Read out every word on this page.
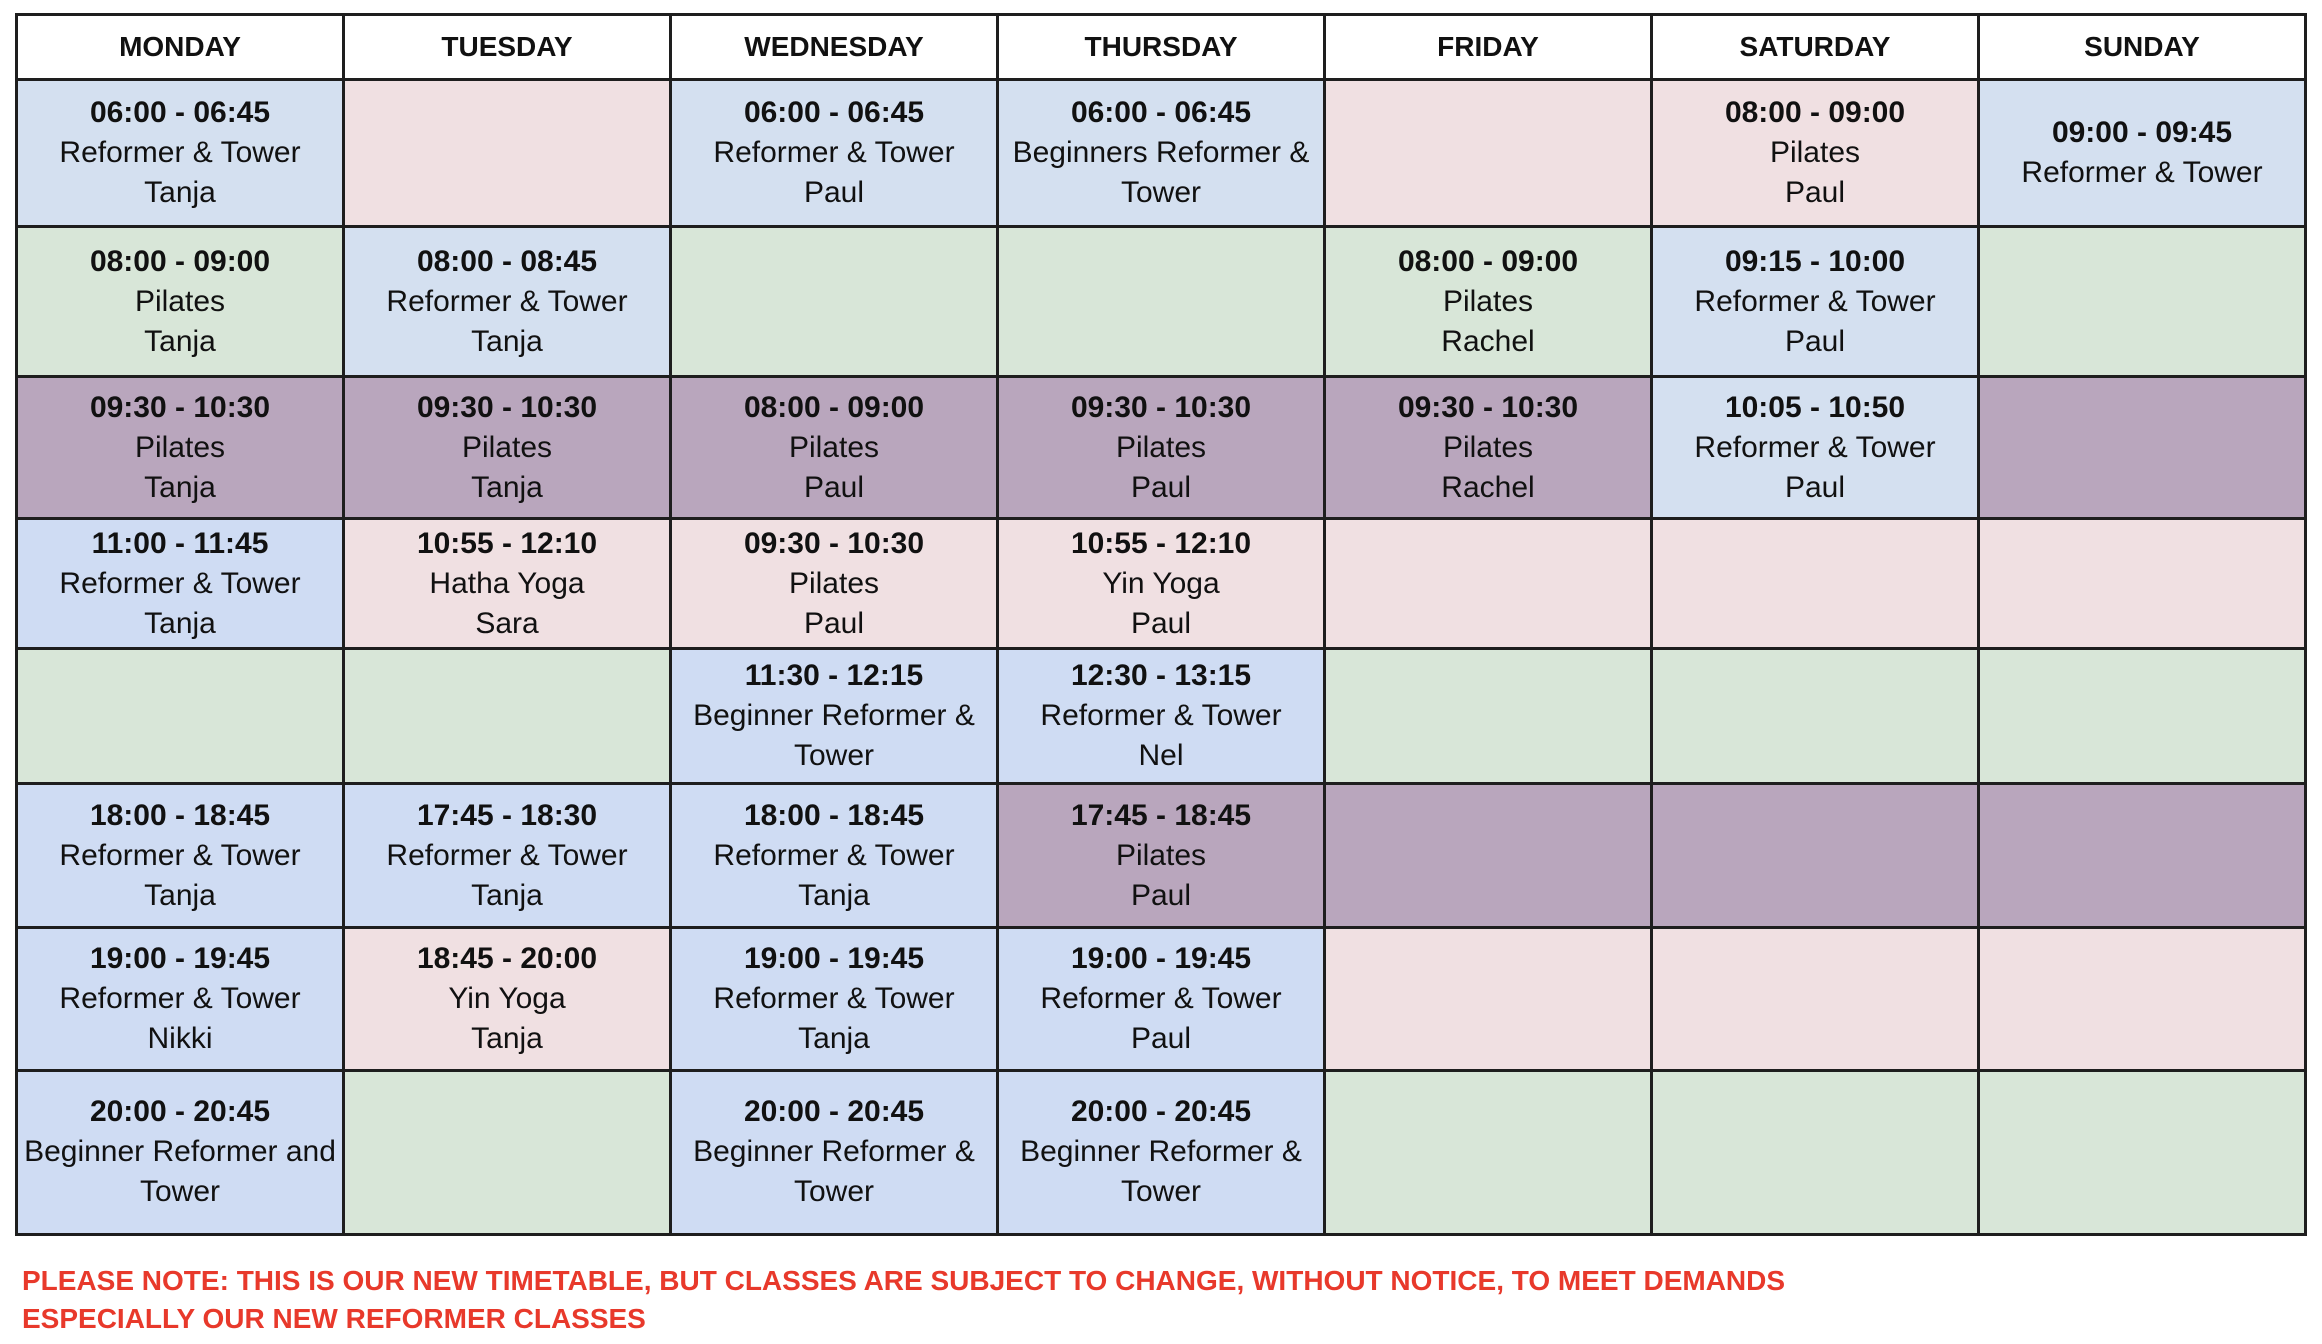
MONDAY	TUESDAY	WEDNESDAY	THURSDAY	FRIDAY	SATURDAY	SUNDAY

06:00 - 06:45
Reformer & Tower
Tanja		06:00 - 06:45
Reformer & Tower
Paul	06:00 - 06:45
Beginners Reformer &
Tower		08:00 - 09:00
Pilates
Paul	09:00 - 09:45
Reformer & Tower

08:00 - 09:00
Pilates
Tanja	08:00 - 08:45
Reformer & Tower
Tanja			08:00 - 09:00
Pilates
Rachel	09:15 - 10:00
Reformer & Tower
Paul	

09:30 - 10:30
Pilates
Tanja	09:30 - 10:30
Pilates
Tanja	08:00 - 09:00
Pilates
Paul	09:30 - 10:30
Pilates
Paul	09:30 - 10:30
Pilates
Rachel	10:05 - 10:50
Reformer & Tower
Paul	

11:00 - 11:45
Reformer & Tower
Tanja	10:55 - 12:10
Hatha Yoga
Sara	09:30 - 10:30
Pilates
Paul	10:55 - 12:10
Yin Yoga
Paul			

		11:30 - 12:15
Beginner Reformer &
Tower	12:30 - 13:15
Reformer & Tower
Nel			

18:00 - 18:45
Reformer & Tower
Tanja	17:45 - 18:30
Reformer & Tower
Tanja	18:00 - 18:45
Reformer & Tower
Tanja	17:45 - 18:45
Pilates
Paul			

19:00 - 19:45
Reformer & Tower
Nikki	18:45 - 20:00
Yin Yoga
Tanja	19:00 - 19:45
Reformer & Tower
Tanja	19:00 - 19:45
Reformer & Tower
Paul			

20:00 - 20:45
Beginner Reformer and
Tower		20:00 - 20:45
Beginner Reformer &
Tower	20:00 - 20:45
Beginner Reformer &
Tower			

PLEASE NOTE: THIS IS OUR NEW TIMETABLE, BUT CLASSES ARE SUBJECT TO CHANGE, WITHOUT NOTICE, TO MEET DEMANDS ESPECIALLY OUR NEW REFORMER CLASSES
